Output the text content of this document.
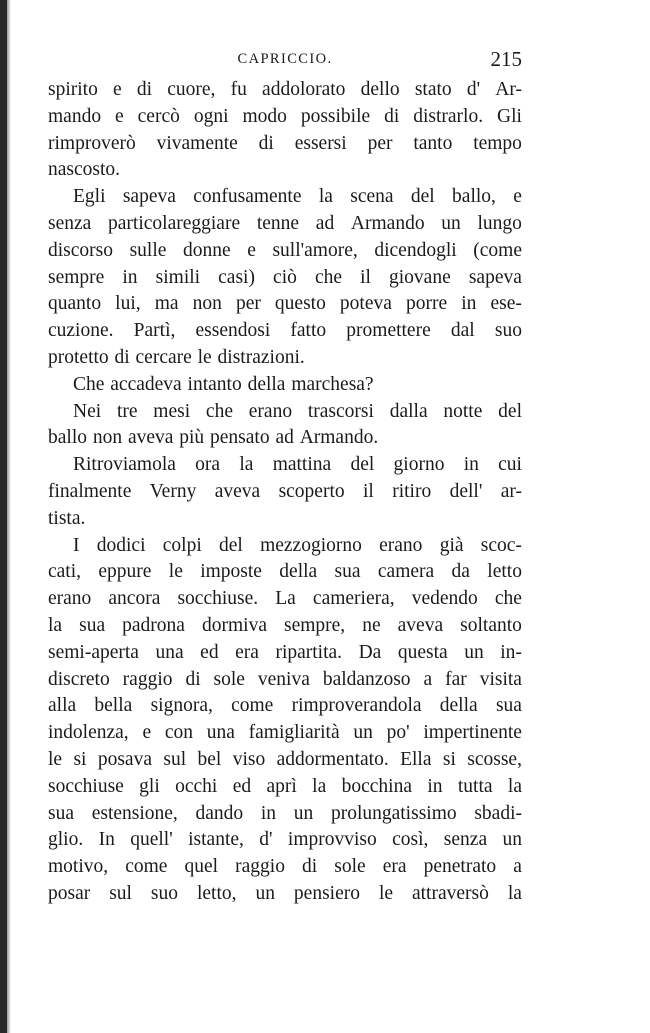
CAPRICCIO.	215
spirito e di cuore, fu addolorato dello stato d' Ar-
mando e cercò ogni modo possibile di distrarlo. Gli
rimproverò vivamente di essersi per tanto tempo
nascosto.
Egli sapeva confusamente la scena del ballo, e
senza particolareggiare tenne ad Armando un lungo
discorso sulle donne e sull'amore, dicendogli (come
sempre in simili casi) ciò che il giovane sapeva
quanto lui, ma non per questo poteva porre in ese-
cuzione. Partì, essendosi fatto promettere dal suo
protetto di cercare le distrazioni.
Che accadeva intanto della marchesa?
Nei tre mesi che erano trascorsi dalla notte del
ballo non aveva più pensato ad Armando.
Ritroviamola ora la mattina del giorno in cui
finalmente Verny aveva scoperto il ritiro dell' ar-
tista.
I dodici colpi del mezzogiorno erano già scoc-
cati, eppure le imposte della sua camera da letto
erano ancora socchiuse. La cameriera, vedendo che
la sua padrona dormiva sempre, ne aveva soltanto
semi-aperta una ed era ripartita. Da questa un in-
discreto raggio di sole veniva baldanzoso a far visita
alla bella signora, come rimproverandola della sua
indolenza, e con una famigliarità un po' impertinente
le si posava sul bel viso addormentato. Ella si scosse,
socchiuse gli occhi ed aprì la bocchina in tutta la
sua estensione, dando in un prolungatissimo sbadi-
glio. In quell' istante, d' improvviso così, senza un
motivo, come quel raggio di sole era penetrato a
posar sul suo letto, un pensiero le attraversò la
